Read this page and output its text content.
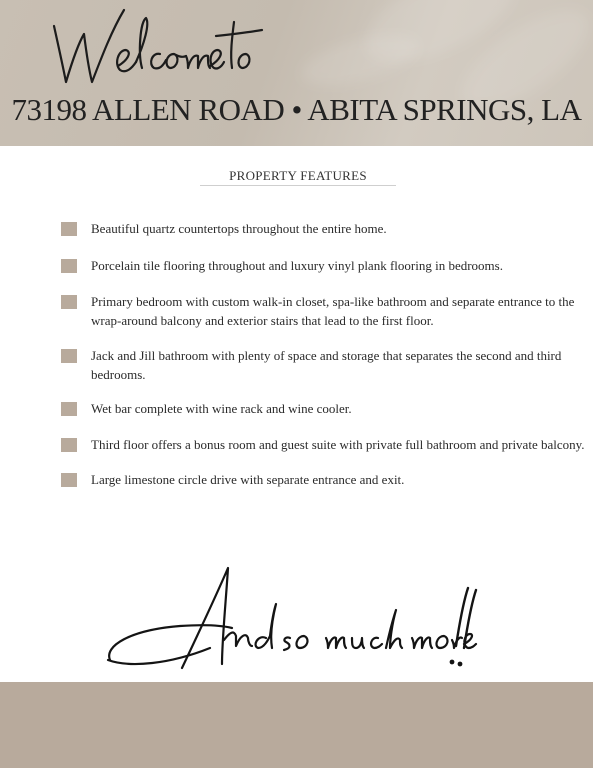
73198 ALLEN ROAD • ABITA SPRINGS, LA
PROPERTY FEATURES
Beautiful quartz countertops throughout the entire home.
Porcelain tile flooring throughout and luxury vinyl plank flooring in bedrooms.
Primary bedroom with custom walk-in closet, spa-like bathroom and separate entrance to the wrap-around balcony and exterior stairs that lead to the first floor.
Jack and Jill bathroom with plenty of space and storage that separates the second and third bedrooms.
Wet bar complete with wine rack and wine cooler.
Third floor offers a bonus room and guest suite with private full bathroom and private balcony.
Large limestone circle drive with separate entrance and exit.
